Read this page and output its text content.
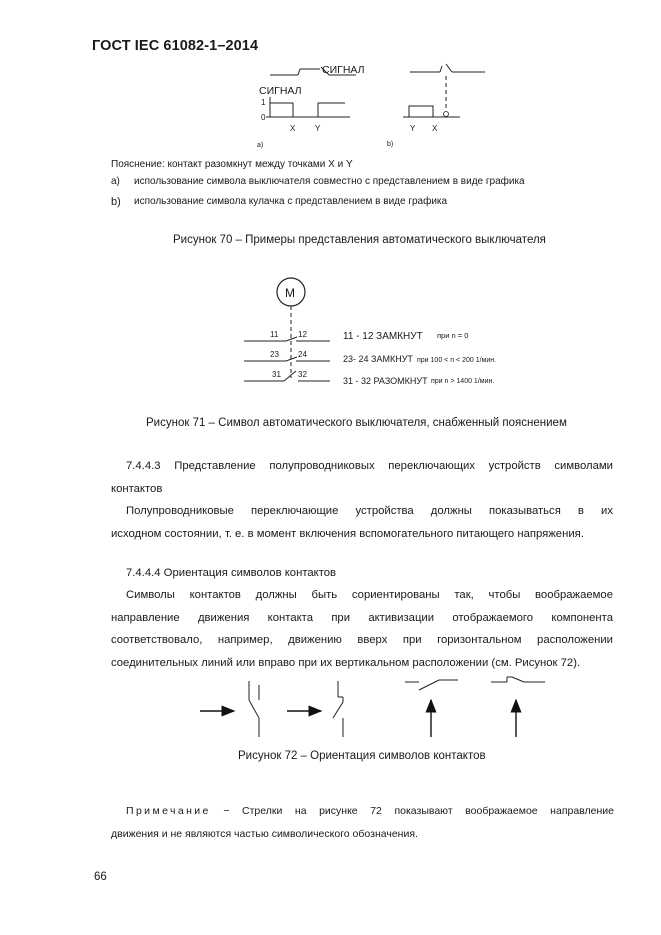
ГОСТ IEC 61082-1–2014
СИГНАЛ
СИГНАЛ
1
0
X Y
a)
Y X
b)
Пояснение: контакт разомкнут между точками X и Y
a) использование символа выключателя совместно с представлением в виде графика
b) использование символа кулачка с представлением в виде графика
Рисунок 70 – Примеры представления автоматического выключателя
M
11 12
23 24
31 32
11 - 12 ЗАМКНУТ при n = 0
23- 24 ЗАМКНУТ при 100 < n < 200 1/мин.
31 - 32 РАЗОМКНУТ при n > 1400 1/мин.
Рисунок 71 – Символ автоматического выключателя, снабженный пояснением
7.4.4.3 Представление полупроводниковых переключающих устройств символами
контактов
Полупроводниковые переключающие устройства должны показываться в их
исходном состоянии, т. е. в момент включения вспомогательного питающего напряжения.
7.4.4.4 Ориентация символов контактов
Символы контактов должны быть сориентированы так, чтобы воображаемое
направление движения контакта при активизации отображаемого компонента
соответствовало, например, движению вверх при горизонтальном расположении
соединительных линий или вправо при их вертикальном расположении (см. Рисунок 72).
Рисунок 72 – Ориентация символов контактов
Примечание − Стрелки на рисунке 72 показывают воображаемое направление
движения и не являются частью символического обозначения.
66
